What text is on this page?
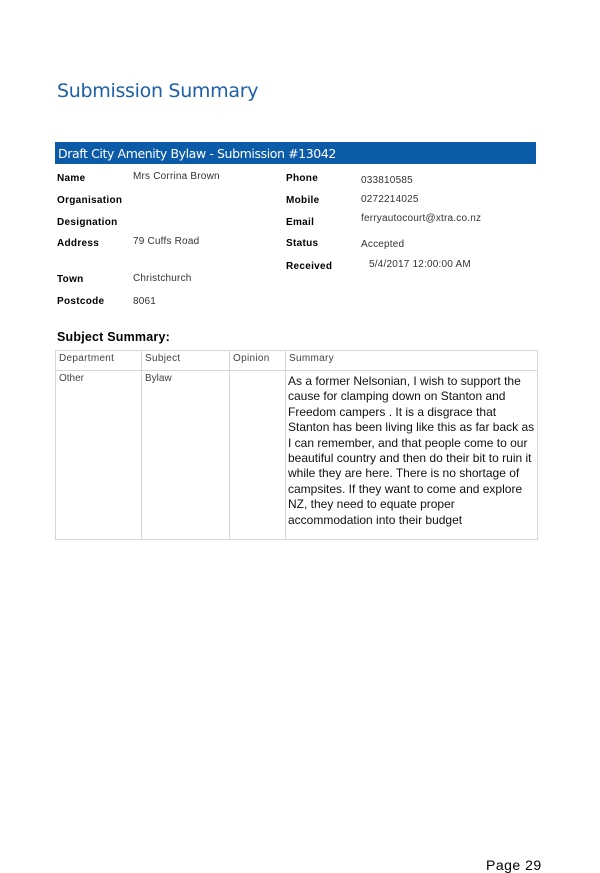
Submission Summary
Draft City Amenity Bylaw - Submission #13042
Name	Mrs Corrina Brown
Organisation
Designation
Address	79 Cuffs Road
Town	Christchurch
Postcode	8061
Phone	033810585
Mobile	0272214025
Email	ferryautocourt@xtra.co.nz
Status	Accepted
Received	5/4/2017 12:00:00 AM
Subject Summary:
Department	Subject	Opinion	Summary
Other	Bylaw		As a former Nelsonian, I wish to support the cause for clamping down on Stanton and Freedom campers . It is a disgrace that Stanton has been living like this as far back as I can remember, and that people come to our beautiful country and then do their bit to ruin it while they are here. There is no shortage of campsites. If they want to come and explore NZ, they need to equate proper accommodation into their budget
Page 29
